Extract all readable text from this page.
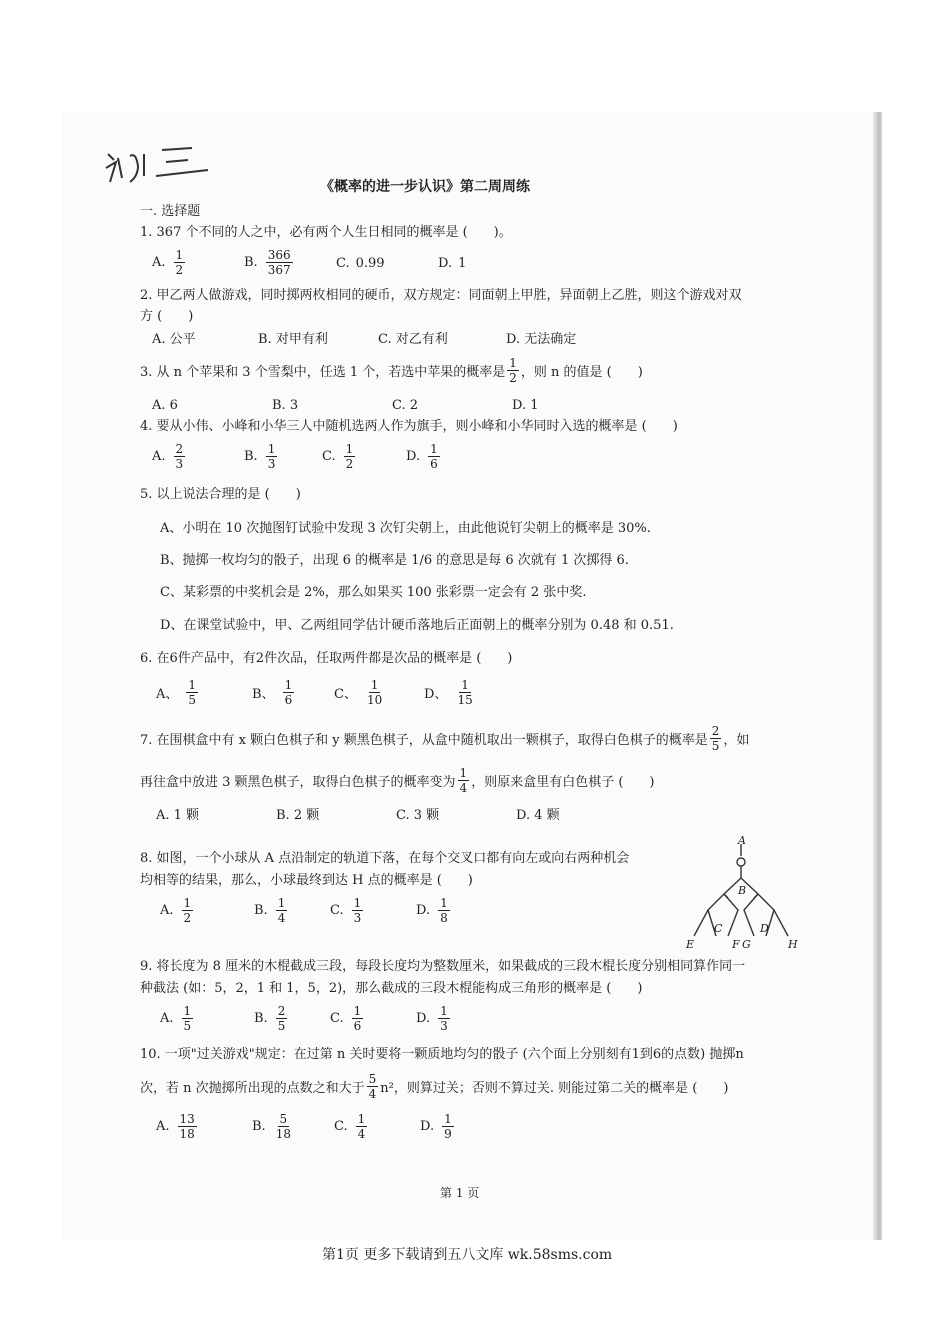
《概率的进一步认识》第二周周练
一. 选择题
1. 367 个不同的人之中，必有两个人生日相同的概率是 (　　)。
A. $\frac{1}{2}$	B. $\frac{366}{367}$	C. 0.99	D. 1
2. 甲乙两人做游戏，同时掷两枚相同的硬币，双方规定：同面朝上甲胜，异面朝上乙胜，则这个游戏对双
方 (　　)
A. 公平	B. 对甲有利	C. 对乙有利	D. 无法确定
3. 从 n 个苹果和 3 个雪梨中，任选 1 个，若选中苹果的概率是 $\frac{1}{2}$ ，则 n 的值是 (　　)
A. 6	B. 3	C. 2	D. 1
4. 要从小伟、小峰和小华三人中随机选两人作为旗手，则小峰和小华同时入选的概率是 (　　)
A. $\frac{2}{3}$	B. $\frac{1}{3}$	C. $\frac{1}{2}$	D. $\frac{1}{6}$
5. 以上说法合理的是 (　　)
A、小明在 10 次抛图钉试验中发现 3 次钉尖朝上，由此他说钉尖朝上的概率是 30%.
B、抛掷一枚均匀的骰子，出现 6 的概率是 1/6 的意思是每 6 次就有 1 次掷得 6.
C、某彩票的中奖机会是 2%，那么如果买 100 张彩票一定会有 2 张中奖.
D、在课堂试验中，甲、乙两组同学估计硬币落地后正面朝上的概率分别为 0.48 和 0.51.
6. 在6件产品中，有2件次品，任取两件都是次品的概率是 (　　)
A、 $\frac{1}{5}$	B、 $\frac{1}{6}$	C、 $\frac{1}{10}$	D、 $\frac{1}{15}$
7. 在围棋盒中有 x 颗白色棋子和 y 颗黑色棋子，从盒中随机取出一颗棋子，取得白色棋子的概率是 $\frac{2}{5}$ ，如
再往盒中放进 3 颗黑色棋子，取得白色棋子的概率变为 $\frac{1}{4}$ ，则原来盒里有白色棋子 (　　)
A. 1 颗	B. 2 颗	C. 3 颗	D. 4 颗
8. 如图，一个小球从 A 点沿制定的轨道下落，在每个交叉口都有向左或向右两种机会
均相等的结果，那么，小球最终到达 H 点的概率是 (　　)
A. $\frac{1}{2}$	B. $\frac{1}{4}$	C. $\frac{1}{3}$	D. $\frac{1}{8}$
A
B
C	D
E	F G	H
9. 将长度为 8 厘米的木棍截成三段，每段长度均为整数厘米，如果截成的三段木棍长度分别相同算作同一
种截法 (如：5，2，1 和 1，5，2)，那么截成的三段木棍能构成三角形的概率是 (　　)
A. $\frac{1}{5}$	B. $\frac{2}{5}$	C. $\frac{1}{6}$	D. $\frac{1}{3}$
10. 一项"过关游戏"规定：在过第 n 关时要将一颗质地均匀的骰子 (六个面上分别刻有1到6的点数) 抛掷n
次，若 n 次抛掷所出现的点数之和大于 $\frac{5}{4} n^2$，则算过关；否则不算过关. 则能过第二关的概率是 (　　)
A. $\frac{13}{18}$	B. $\frac{5}{18}$	C. $\frac{1}{4}$	D. $\frac{1}{9}$
第 1 页
第1页 更多下载请到五八文库 wk.58sms.com
